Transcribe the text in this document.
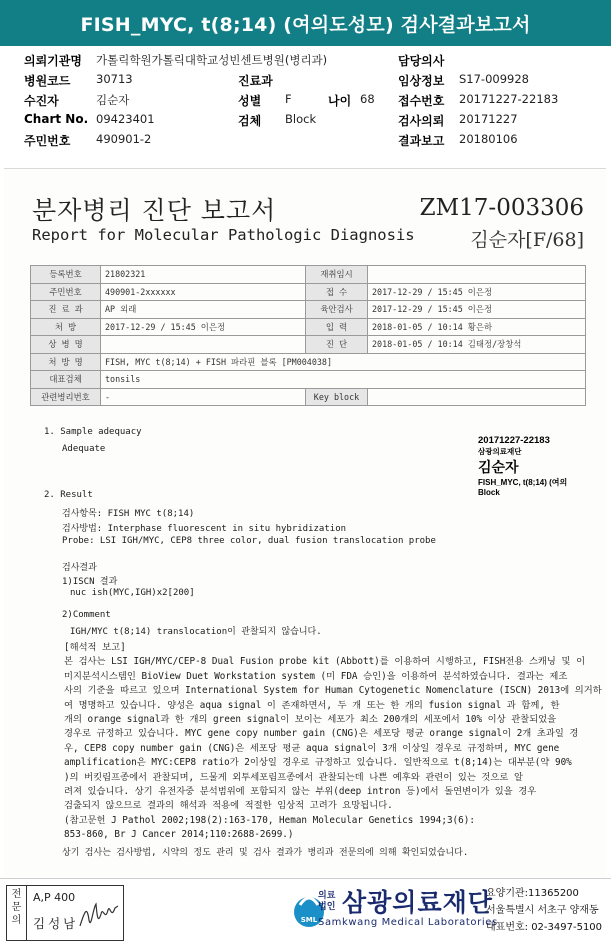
FISH_MYC, t(8;14) (여의도성모) 검사결과보고서
의뢰기관명 가톨릭학원가톨릭대학교성빈센트병원(병리과)	담당의사
병원코드 30713	진료과	임상정보 S17-009928
수진자	김순자	성별 F	나이 68 접수번호 20171227-22183
Chart No. 09423401	검체 Block	검사의뢰 20171227
주민번호 490901-2	결과보고 20180106
분자병리 진단 보고서
Report for Molecular Pathologic Diagnosis
ZM17-003306
김순자[F/68]
등록번호	21802321	재취임시	
주민번호	490901-2xxxxxx	접 수	2017-12-29 / 15:45 이은정
진 료 과	AP 외래	육안검사	2017-12-29 / 15:45 이은정
처 방	2017-12-29 / 15:45 이은정	입 력	2018-01-05 / 10:14 황은하
상 병 명		진 단	2018-01-05 / 10:14 김태정/장창석
처 방 명	FISH, MYC t(8;14) + FISH 파라핀 블록 [PM004038]		
대표검체	tonsils		
관련병리번호	-	Key block	
1. Sample adequacy
Adequate
20171227-22183
삼광의료재단
김순자
FISH_MYC, t(8;14) (여의
Block
2. Result
검사항목: FISH MYC t(8;14)
검사방법: Interphase fluorescent in situ hybridization
Probe: LSI IGH/MYC, CEP8 three color, dual fusion translocation probe
검사결과
1)ISCN 결과
nuc ish(MYC,IGH)x2[200]
2)Comment
IGH/MYC t(8;14) translocation이 관찰되지 않습니다.
[해석적 보고]
본 검사는 LSI IGH/MYC/CEP-8 Dual Fusion probe kit (Abbott)를 이용하여 시행하고, FISH전용 스캐닝 및 이
미지분석시스템인 BioView Duet Workstation system (미 FDA 승인)을 이용하여 분석하였습니다. 결과는 제조
사의 기준을 따르고 있으며 International System for Human Cytogenetic Nomenclature (ISCN) 2013에 의거하
여 명명하고 있습니다. 양성은 aqua signal 이 존재하면서, 두 개 또는 한 개의 fusion signal 과 함께, 한
개의 orange signal과 한 개의 green signal이 보이는 세포가 최소 200개의 세포에서 10% 이상 관찰되었을
경우로 규정하고 있습니다. MYC gene copy number gain (CNG)은 세포당 평균 orange signal이 2개 초과일 경
우, CEP8 copy number gain (CNG)은 세포당 평균 aqua signal이 3개 이상일 경우로 규정하며, MYC gene
amplification은 MYC:CEP8 ratio가 2이상일 경우로 규정하고 있습니다. 일반적으로 t(8;14)는 대부분(약 90%
)의 버킷림프종에서 관찰되며, 드물게 외투세포림프종에서 관찰되는데 나쁜 예후와 관련이 있는 것으로 알
려져 있습니다. 상기 유전자중 분석범위에 포함되지 않는 부위(deep intron 등)에서 돌연변이가 있을 경우
검출되지 않으므로 결과의 해석과 적용에 적절한 임상적 고려가 요망됩니다.
(참고문헌 J Pathol 2002;198(2):163-170, Heman Molecular Genetics 1994;3(6):
853-860, Br J Cancer 2014;110:2688-2699.)
상기 검사는 검사방법, 시약의 정도 관리 및 검사 결과가 병리과 전문의에 의해 확인되었습니다.
전문의
A,P 400
김성남	SML
의료
법인 삼광의료재단
Samkwang Medical Laboratories
요양기관:11365200
서울특별시 서초구 양재동
대표번호: 02-3497-5100
